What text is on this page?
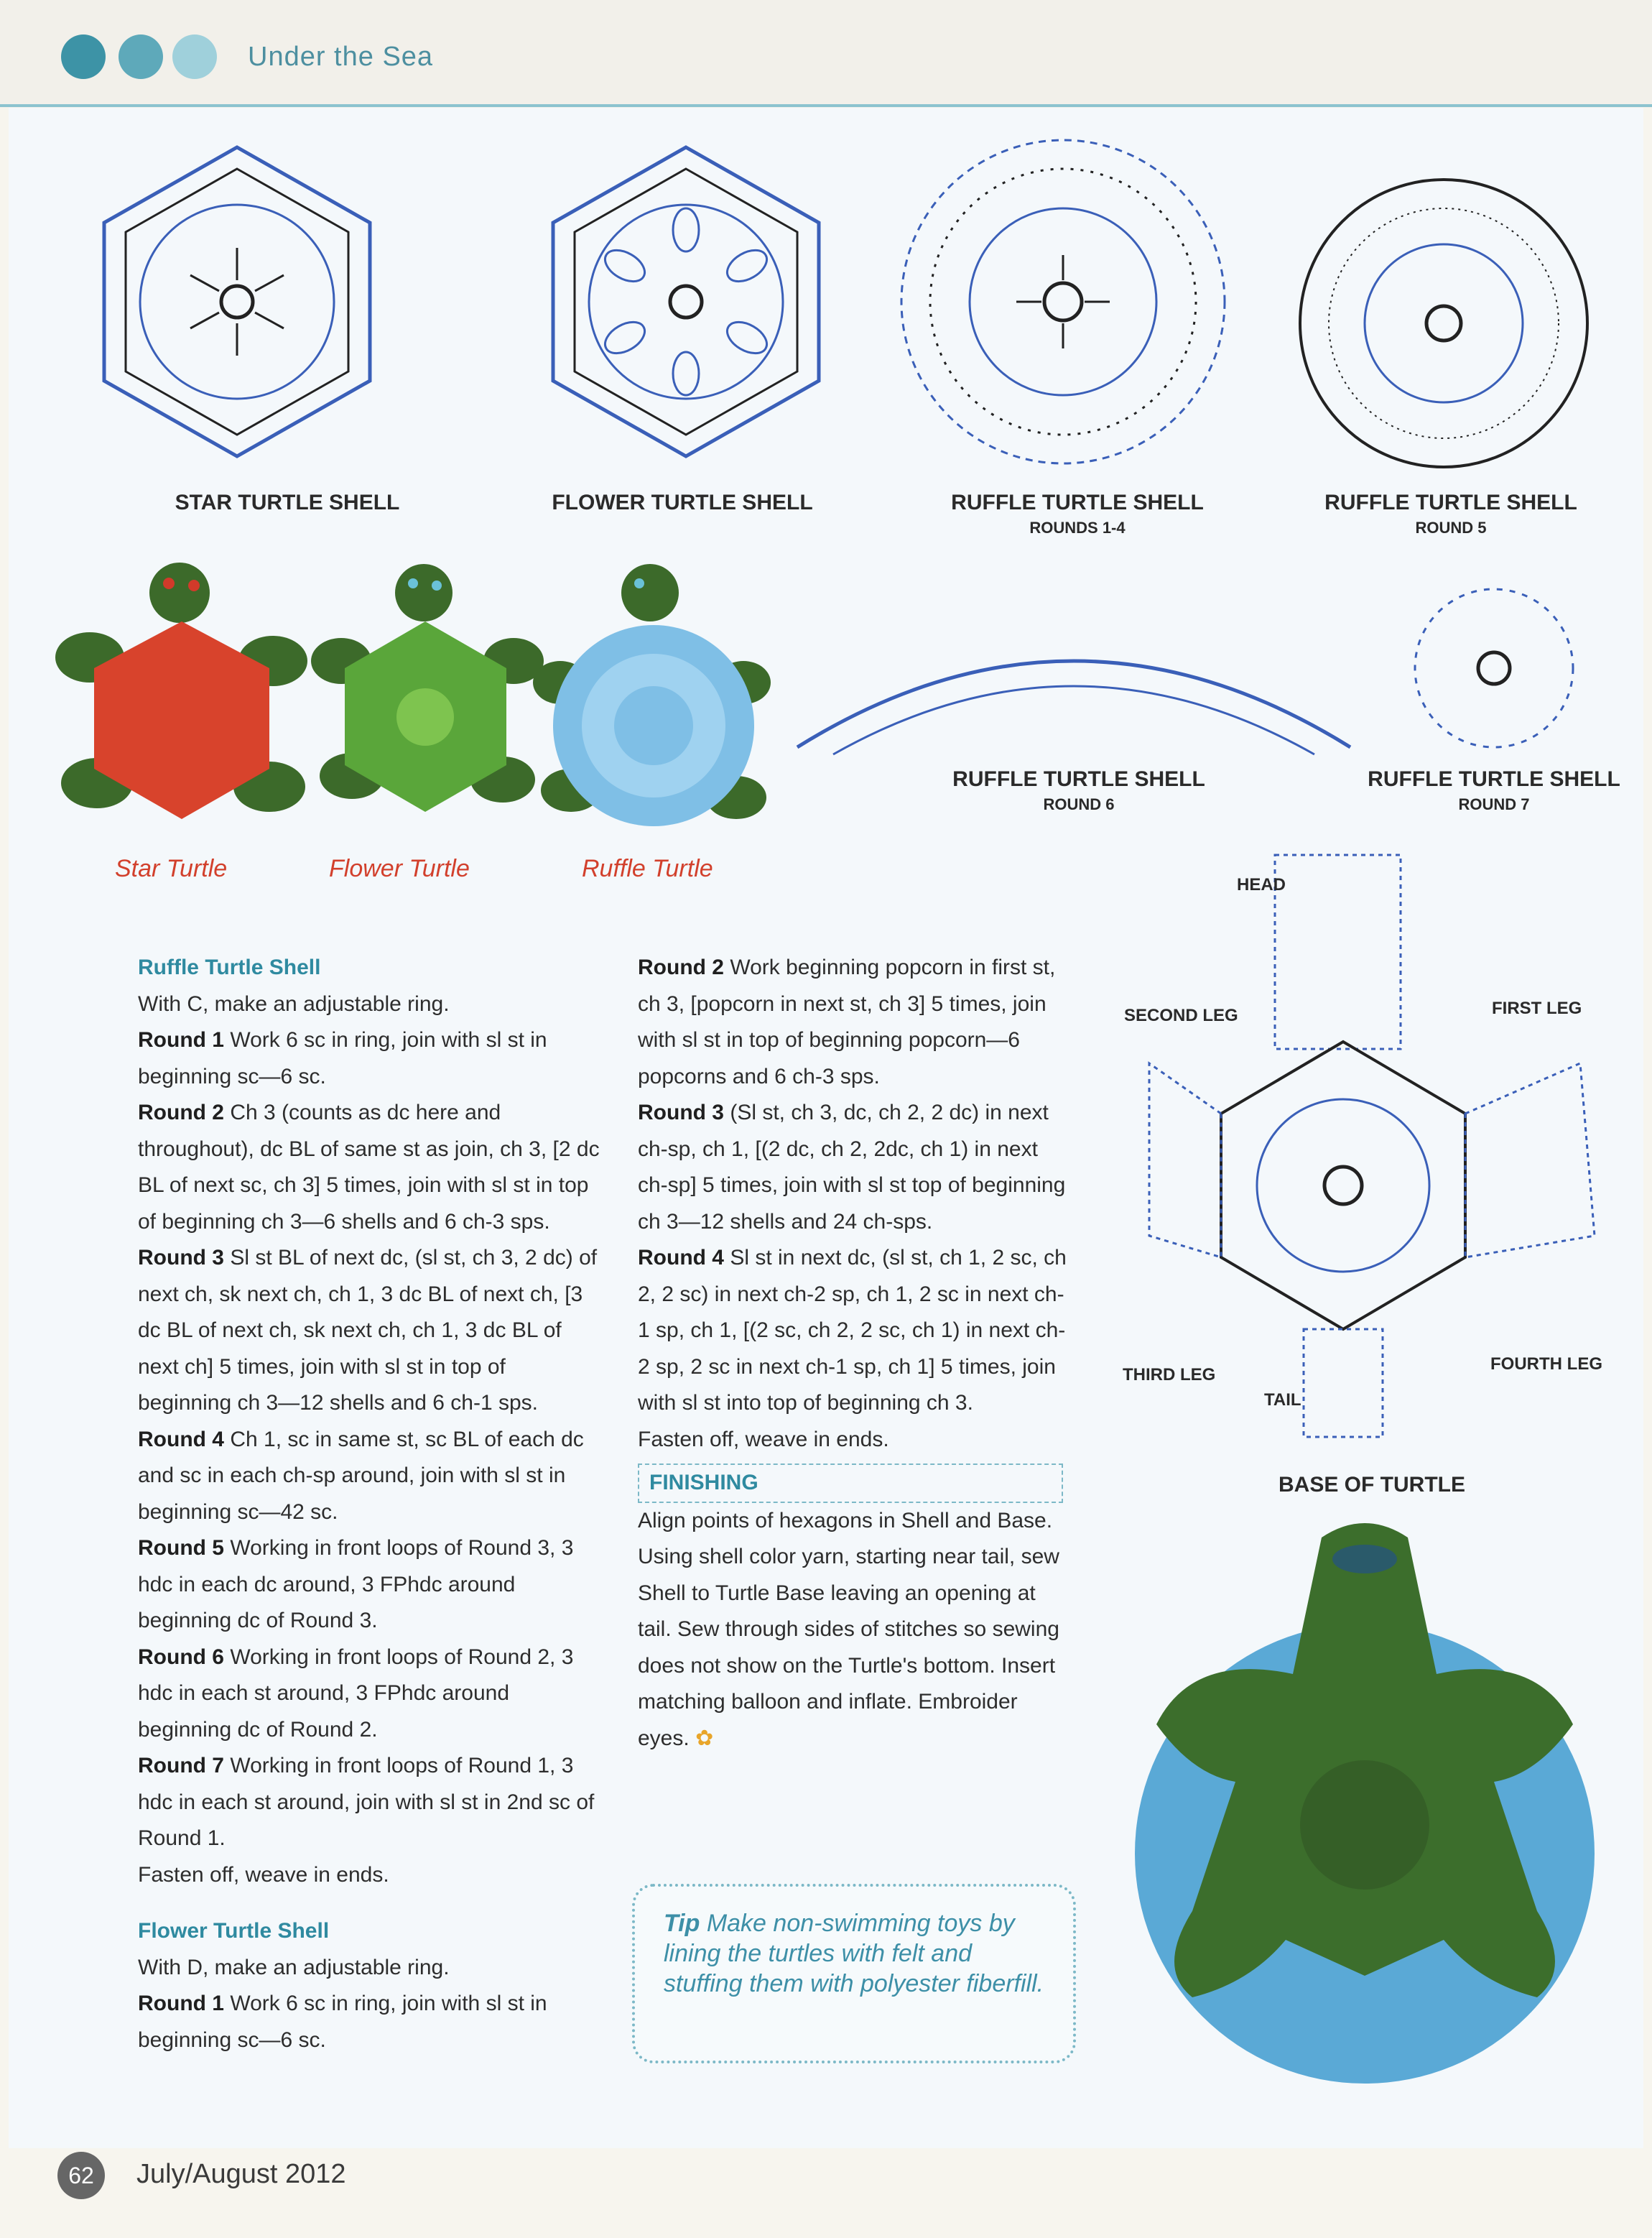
Under the Sea
STAR TURTLE SHELL	FLOWER TURTLE SHELL	RUFFLE TURTLE SHELL
ROUNDS 1-4
RUFFLE TURTLE SHELL
ROUND 5
RUFFLE TURTLE SHELL
ROUND 6
RUFFLE TURTLE SHELL
ROUND 7
Star Turtle	Flower Turtle	Ruffle Turtle
HEAD
FIRST LEG
SECOND LEG
THIRD LEG
FOURTH LEG
TAIL
BASE OF TURTLE

Ruffle Turtle Shell

With C, make an adjustable ring.

Round 1 Work 6 sc in ring, join with sl st in beginning sc—6 sc.

Round 2 Ch 3 (counts as dc here and throughout), dc BL of same st as join, ch 3, [2 dc BL of next sc, ch 3] 5 times, join with sl st in top of beginning ch 3—6 shells and 6 ch-3 sps.

Round 3 Sl st BL of next dc, (sl st, ch 3, 2 dc) of next ch, sk next ch, ch 1, 3 dc BL of next ch, [3 dc BL of next ch, sk next ch, ch 1, 3 dc BL of next ch] 5 times, join with sl st in top of beginning ch 3—12 shells and 6 ch-1 sps.

Round 4 Ch 1, sc in same st, sc BL of each dc and sc in each ch-sp around, join with sl st in beginning sc—42 sc.

Round 5 Working in front loops of Round 3, 3 hdc in each dc around, 3 FPhdc around beginning dc of Round 3.

Round 6 Working in front loops of Round 2, 3 hdc in each st around, 3 FPhdc around beginning dc of Round 2.

Round 7 Working in front loops of Round 1, 3 hdc in each st around, join with sl st in 2nd sc of Round 1.

Fasten off, weave in ends.

Flower Turtle Shell

With D, make an adjustable ring.

Round 1 Work 6 sc in ring, join with sl st in beginning sc—6 sc.

Round 2 Work beginning popcorn in first st, ch 3, [popcorn in next st, ch 3] 5 times, join with sl st in top of beginning popcorn—6 popcorns and 6 ch-3 sps.

Round 3 (Sl st, ch 3, dc, ch 2, 2 dc) in next ch-sp, ch 1, [(2 dc, ch 2, 2dc, ch 1) in next ch-sp] 5 times, join with sl st top of beginning ch 3—12 shells and 24 ch-sps.

Round 4 Sl st in next dc, (sl st, ch 1, 2 sc, ch 2, 2 sc) in next ch-2 sp, ch 1, 2 sc in next ch-1 sp, ch 1, [(2 sc, ch 2, 2 sc, ch 1) in next ch-2 sp, 2 sc in next ch-1 sp, ch 1] 5 times, join with sl st into top of beginning ch 3.

Fasten off, weave in ends.

FINISHING

Align points of hexagons in Shell and Base. Using shell color yarn, starting near tail, sew Shell to Turtle Base leaving an opening at tail. Sew through sides of stitches so sewing does not show on the Turtle's bottom. Insert matching balloon and inflate. Embroider eyes. ✿

Tip Make non-swimming toys by lining the turtles with felt and stuffing them with polyester fiberfill.
62	July/August 2012
